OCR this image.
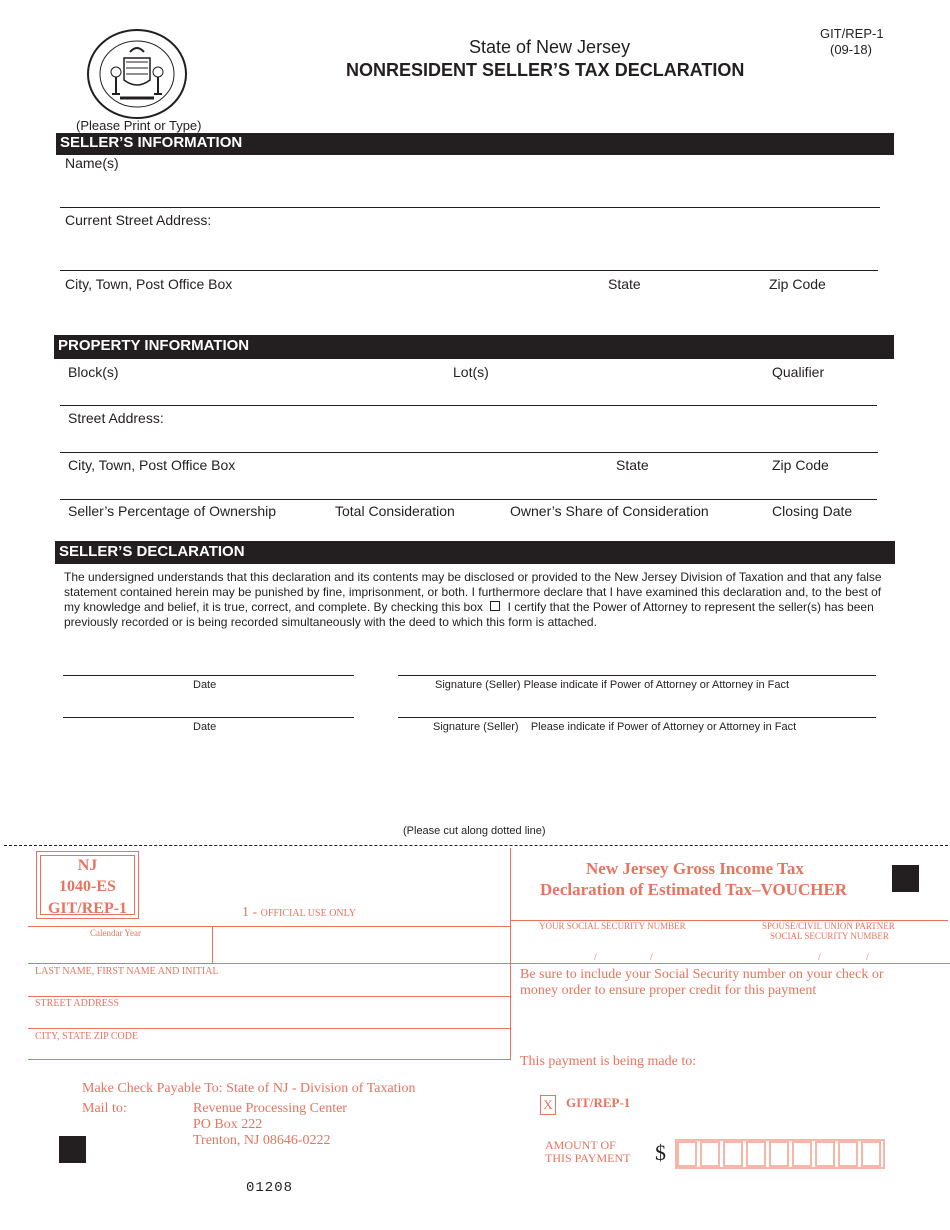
State of New Jersey
NONRESIDENT SELLER’S TAX DECLARATION
GIT/REP-1
(09-18)
(Please Print or Type)
SELLER’S INFORMATION
Name(s)
Current Street Address:
City, Town, Post Office Box	State	Zip Code
PROPERTY INFORMATION
Block(s)	Lot(s)	Qualifier
Street Address:
City, Town, Post Office Box	State	Zip Code
Seller’s Percentage of Ownership	Total Consideration	Owner’s Share of Consideration	Closing Date
SELLER’S DECLARATION
The undersigned understands that this declaration and its contents may be disclosed or provided to the New Jersey Division of Taxation and that any false statement contained herein may be punished by fine, imprisonment, or both. I furthermore declare that I have examined this declaration and, to the best of my knowledge and belief, it is true, correct, and complete. By checking this box I certify that the Power of Attorney to represent the seller(s) has been previously recorded or is being recorded simultaneously with the deed to which this form is attached.
Date	Signature (Seller) Please indicate if Power of Attorney or Attorney in Fact
Date	Signature (Seller)    Please indicate if Power of Attorney or Attorney in Fact
(Please cut along dotted line)
NJ
1040-ES
GIT/REP-1	1 - OFFICIAL USE ONLY
Calendar Year
New Jersey Gross Income Tax
Declaration of Estimated Tax–VOUCHER
YOUR SOCIAL SECURITY NUMBER	SPOUSE/CIVIL UNION PARTNER
SOCIAL SECURITY NUMBER
/	/	/	/
LAST NAME, FIRST NAME AND INITIAL
STREET ADDRESS
CITY, STATE ZIP CODE
Be sure to include your Social Security number on your check or money order to ensure proper credit for this payment
This payment is being made to:
X GIT/REP-1
Make Check Payable To: State of NJ - Division of Taxation
Mail to:	Revenue Processing Center
PO Box 222
Trenton, NJ 08646-0222	AMOUNT OF
THIS PAYMENT $
01208
